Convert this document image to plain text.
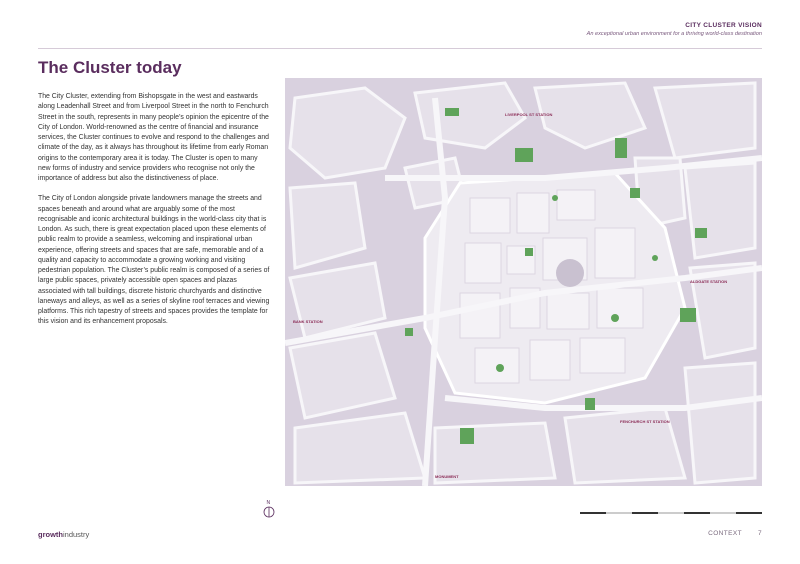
CITY CLUSTER VISION
An exceptional urban environment for a thriving world-class destination
The Cluster today

The City Cluster, extending from Bishopsgate in the west and eastwards along Leadenhall Street and from Liverpool Street in the north to Fenchurch Street in the south, represents in many people’s opinion the epicentre of the City of London. World-renowned as the centre of financial and insurance services, the Cluster continues to evolve and respond to the challenges and climate of the day, as it always has throughout its lifetime from early Roman origins to the contemporary area it is today. The Cluster is open to many new forms of industry and service providers who recognise not only the importance of address but also the distinctiveness of place.

The City of London alongside private landowners manage the streets and spaces beneath and around what are arguably some of the most recognisable and iconic architectural buildings in the world-class city that is London. As such, there is great expectation placed upon these elements of public realm to provide a seamless, welcoming and inspirational urban experience, offering streets and spaces that are safe, memorable and of a quality and capacity to accommodate a growing working and visiting pedestrian population. The Cluster’s public realm is composed of a series of large public spaces, privately accessible open spaces and plazas associated with tall buildings, discrete historic churchyards and distinctive laneways and alleys, as well as a series of skyline roof terraces and viewing platforms. This rich tapestry of streets and spaces provides the template for this vision and its enhancement proposals.

LIVERPOOL ST STATION
ALDGATE STATION
BANK STATION
FENCHURCH ST STATION
MONUMENT
N
growthindustry	CONTEXT 7
